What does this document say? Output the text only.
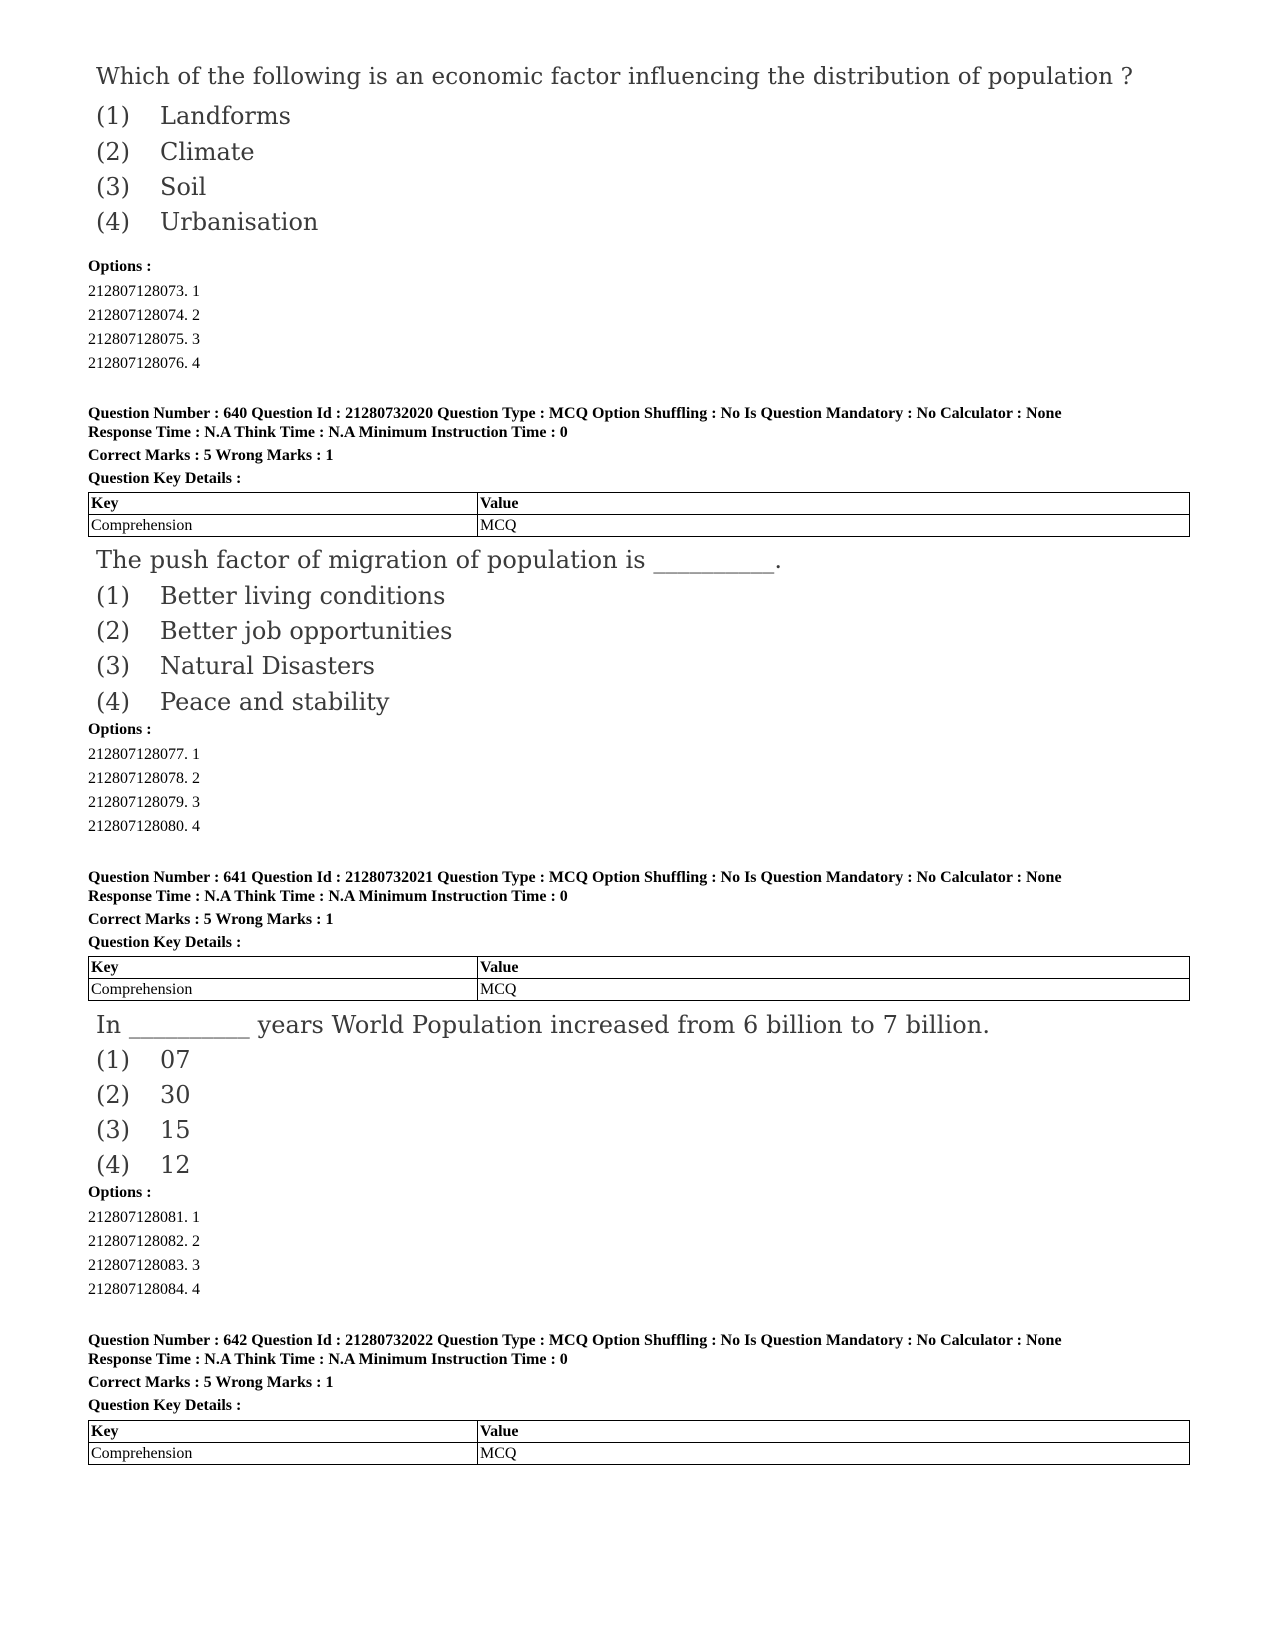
Which of the following is an economic factor influencing the distribution of population ?
(1) Landforms
(2) Climate
(3) Soil
(4) Urbanisation
Options :
212807128073. 1
212807128074. 2
212807128075. 3
212807128076. 4
Question Number : 640 Question Id : 21280732020 Question Type : MCQ Option Shuffling : No Is Question Mandatory : No Calculator : None
Response Time : N.A Think Time : N.A Minimum Instruction Time : 0
Correct Marks : 5 Wrong Marks : 1
Question Key Details :
Key	Value
Comprehension	MCQ
The push factor of migration of population is __________.
(1) Better living conditions
(2) Better job opportunities
(3) Natural Disasters
(4) Peace and stability
Options :
212807128077. 1
212807128078. 2
212807128079. 3
212807128080. 4
Question Number : 641 Question Id : 21280732021 Question Type : MCQ Option Shuffling : No Is Question Mandatory : No Calculator : None
Response Time : N.A Think Time : N.A Minimum Instruction Time : 0
Correct Marks : 5 Wrong Marks : 1
Question Key Details :
Key	Value
Comprehension	MCQ
In __________ years World Population increased from 6 billion to 7 billion.
(1) 07
(2) 30
(3) 15
(4) 12
Options :
212807128081. 1
212807128082. 2
212807128083. 3
212807128084. 4
Question Number : 642 Question Id : 21280732022 Question Type : MCQ Option Shuffling : No Is Question Mandatory : No Calculator : None
Response Time : N.A Think Time : N.A Minimum Instruction Time : 0
Correct Marks : 5 Wrong Marks : 1
Question Key Details :
Key	Value
Comprehension	MCQ
